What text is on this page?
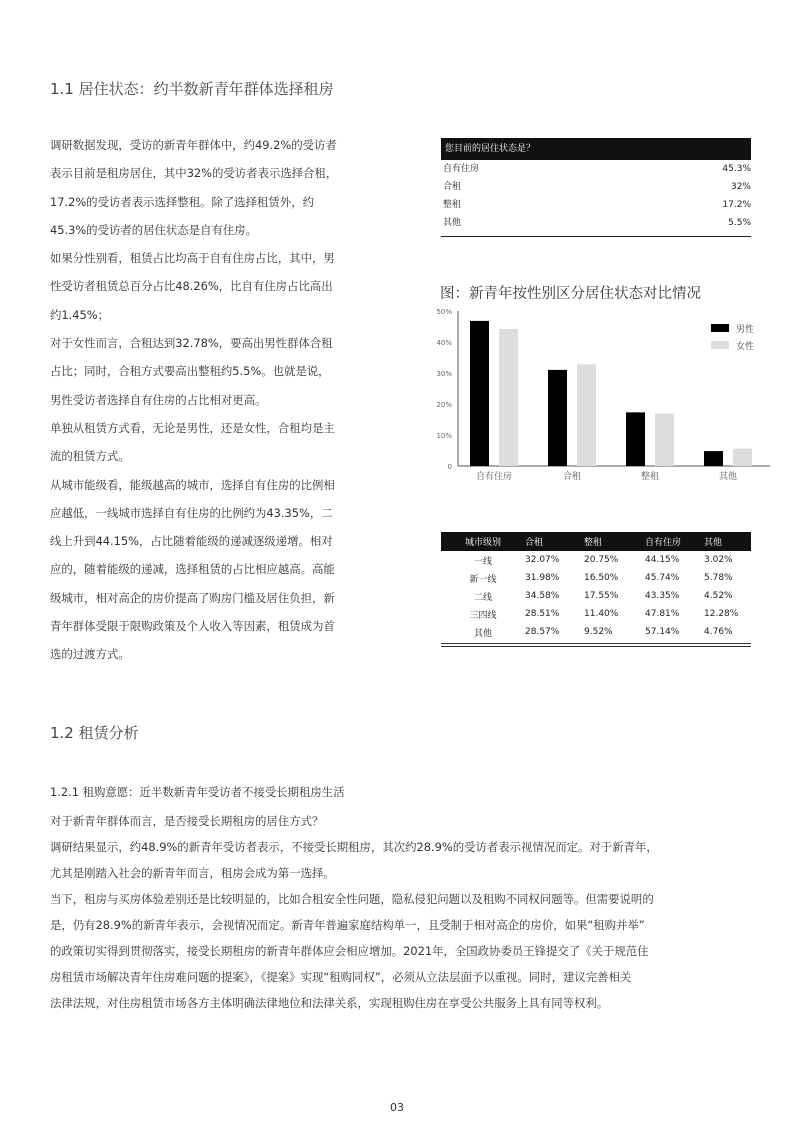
1.1 居住状态：约半数新青年群体选择租房

调研数据发现，受访的新青年群体中，约49.2%的受访者

表示目前是租房居住，其中32%的受访者表示选择合租，

17.2%的受访者表示选择整租。除了选择租赁外，约

45.3%的受访者的居住状态是自有住房。

如果分性别看，租赁占比均高于自有住房占比，其中，男

性受访者租赁总百分占比48.26%，比自有住房占比高出

约1.45%；

对于女性而言，合租达到32.78%，要高出男性群体合租

占比；同时，合租方式要高出整租约5.5%。也就是说，

男性受访者选择自有住房的占比相对更高。

单独从租赁方式看，无论是男性，还是女性，合租均是主

流的租赁方式。

从城市能级看，能级越高的城市，选择自有住房的比例相

应越低，一线城市选择自有住房的比例约为43.35%，二

线上升到44.15%，占比随着能级的递减逐级递增。相对

应的，随着能级的递减，选择租赁的占比相应越高。高能

级城市，相对高企的房价提高了购房门槛及居住负担，新

青年群体受限于限购政策及个人收入等因素，租赁成为首

选的过渡方式。

您目前的居住状态是？
自有住房	45.3%
合租	32%
整租	17.2%
其他	5.5%
图：新青年按性别区分居住状态对比情况
0
10%
20%
30%
40%
50%
自有住房	合租	整租	其他
男性
女性
城市级别	合租	整租	自有住房	其他
一线	32.07%	20.75%	44.15%	3.02%
新一线	31.98%	16.50%	45.74%	5.78%
二线	34.58%	17.55%	43.35%	4.52%
三四线	28.51%	11.40%	47.81%	12.28%
其他	28.57%	9.52%	57.14%	4.76%
1.2 租赁分析
1.2.1 租购意愿：近半数新青年受访者不接受长期租房生活
对于新青年群体而言，是否接受长期租房的居住方式？
调研结果显示，约48.9%的新青年受访者表示，不接受长期租房，其次约28.9%的受访者表示视情况而定。对于新青年，
尤其是刚踏入社会的新青年而言，租房会成为第一选择。
当下，租房与买房体验差别还是比较明显的，比如合租安全性问题，隐私侵犯问题以及租购不同权问题等。但需要说明的
是，仍有28.9%的新青年表示，会视情况而定。新青年普遍家庭结构单一，且受制于相对高企的房价，如果“租购并举”
的政策切实得到贯彻落实，接受长期租房的新青年群体应会相应增加。2021年，全国政协委员王锋提交了《关于规范住
房租赁市场解决青年住房难问题的提案》，《提案》实现“租购同权”，必须从立法层面予以重视。同时，建议完善相关
法律法规，对住房租赁市场各方主体明确法律地位和法律关系，实现租购住房在享受公共服务上具有同等权利。
03
